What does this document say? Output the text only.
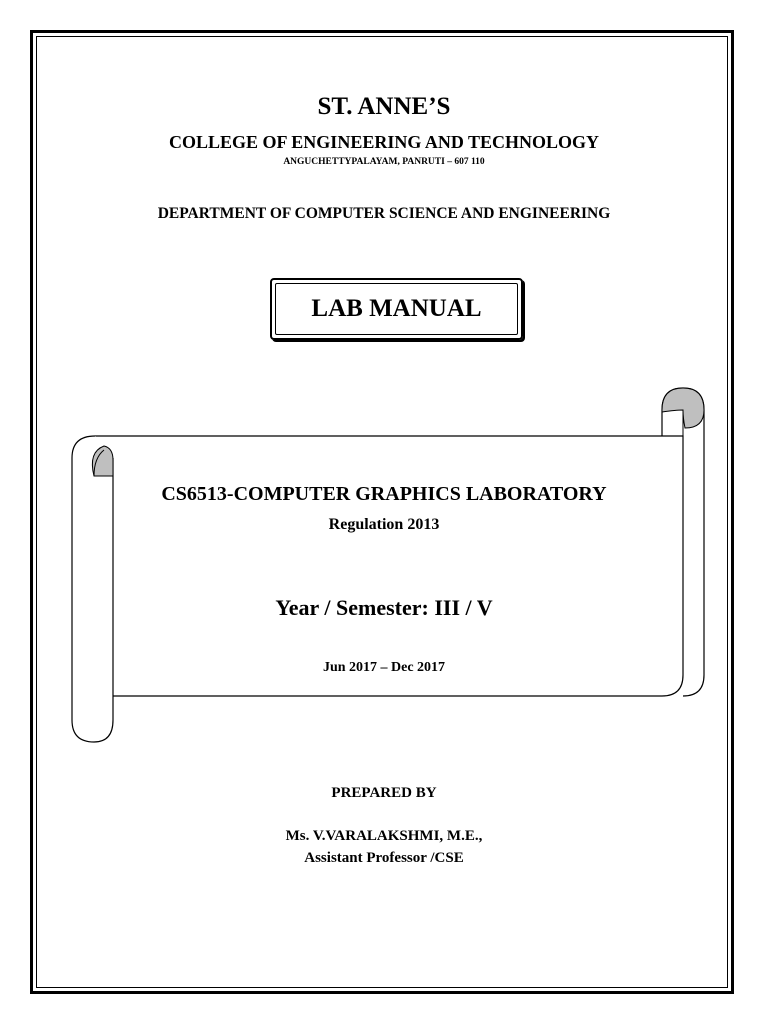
ST. ANNE’S
COLLEGE OF ENGINEERING AND TECHNOLOGY
ANGUCHETTYPALAYAM, PANRUTI – 607 110
DEPARTMENT OF COMPUTER SCIENCE AND ENGINEERING
LAB MANUAL
CS6513-COMPUTER GRAPHICS LABORATORY
Regulation 2013
Year / Semester: III / V
Jun 2017 – Dec 2017
PREPARED BY
Ms. V.VARALAKSHMI, M.E.,
Assistant Professor /CSE
